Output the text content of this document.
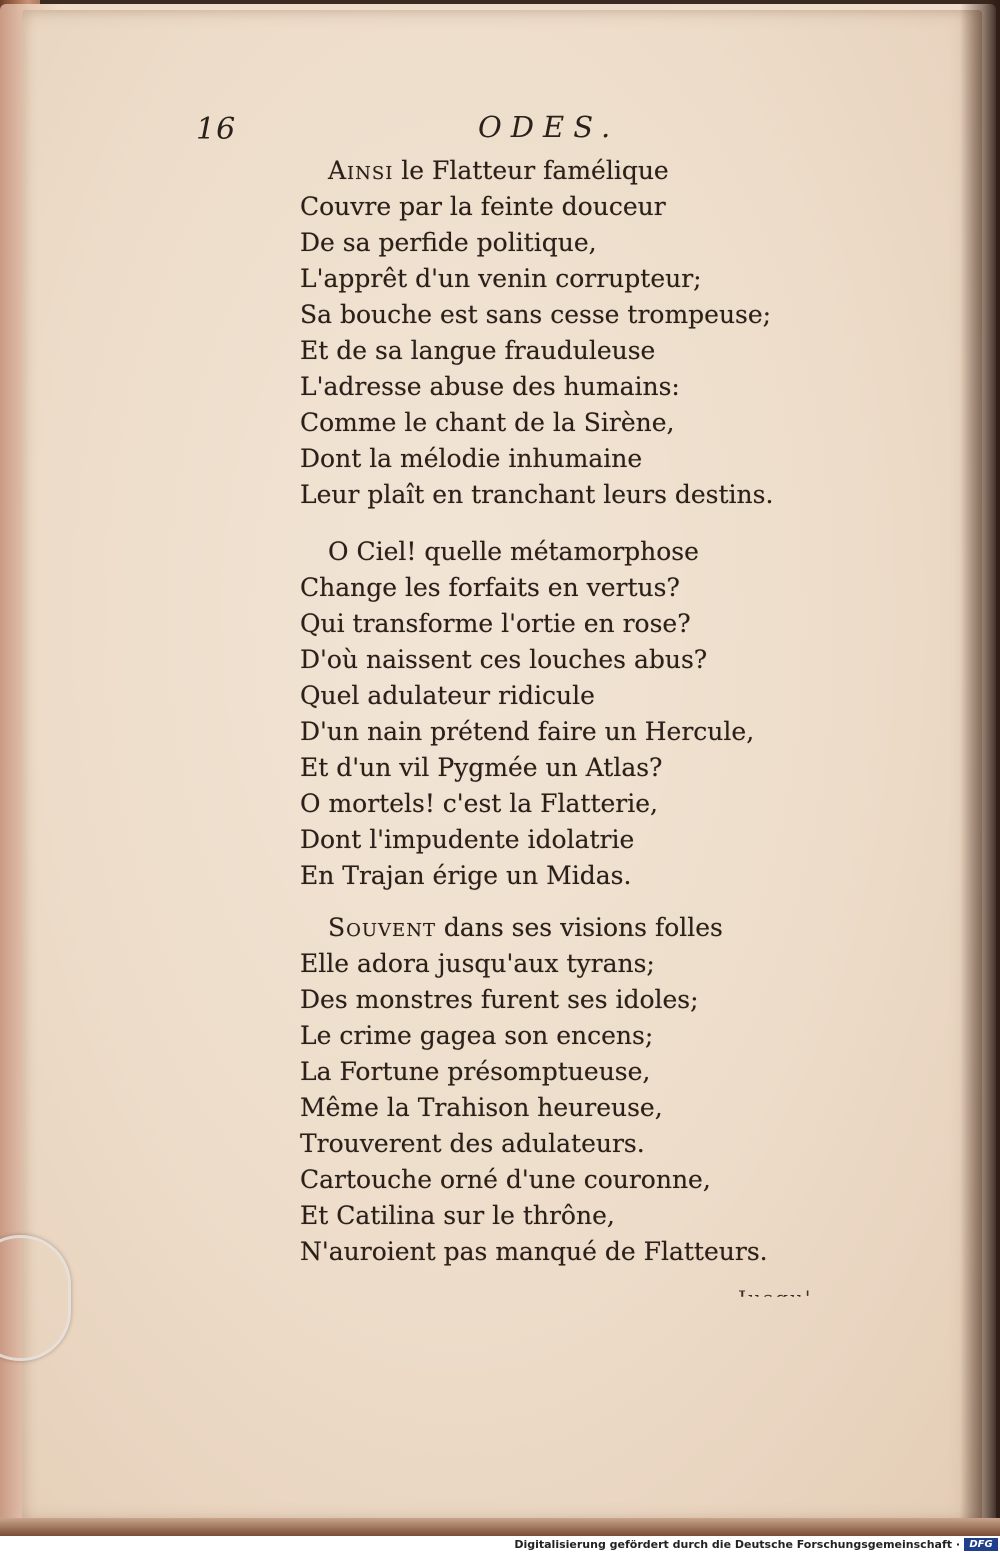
16	ODES.
Ainsi le Flatteur famélique
Couvre par la feinte douceur
De sa perfide politique,
L'apprêt d'un venin corrupteur;
Sa bouche est sans cesse trompeuse;
Et de sa langue frauduleuse
L'adresse abuse des humains:
Comme le chant de la Sirène,
Dont la mélodie inhumaine
Leur plaît en tranchant leurs destins.
O Ciel! quelle métamorphose
Change les forfaits en vertus?
Qui transforme l'ortie en rose?
D'où naissent ces louches abus?
Quel adulateur ridicule
D'un nain prétend faire un Hercule,
Et d'un vil Pygmée un Atlas?
O mortels! c'est la Flatterie,
Dont l'impudente idolatrie
En Trajan érige un Midas.
Souvent dans ses visions folles
Elle adora jusqu'aux tyrans;
Des monstres furent ses idoles;
Le crime gagea son encens;
La Fortune présomptueuse,
Même la Trahison heureuse,
Trouverent des adulateurs.
Cartouche orné d'une couronne,
Et Catilina sur le thrône,
N'auroient pas manqué de Flatteurs.
Digitalisierung gefördert durch die Deutsche Forschungsgemeinschaft · DFG
